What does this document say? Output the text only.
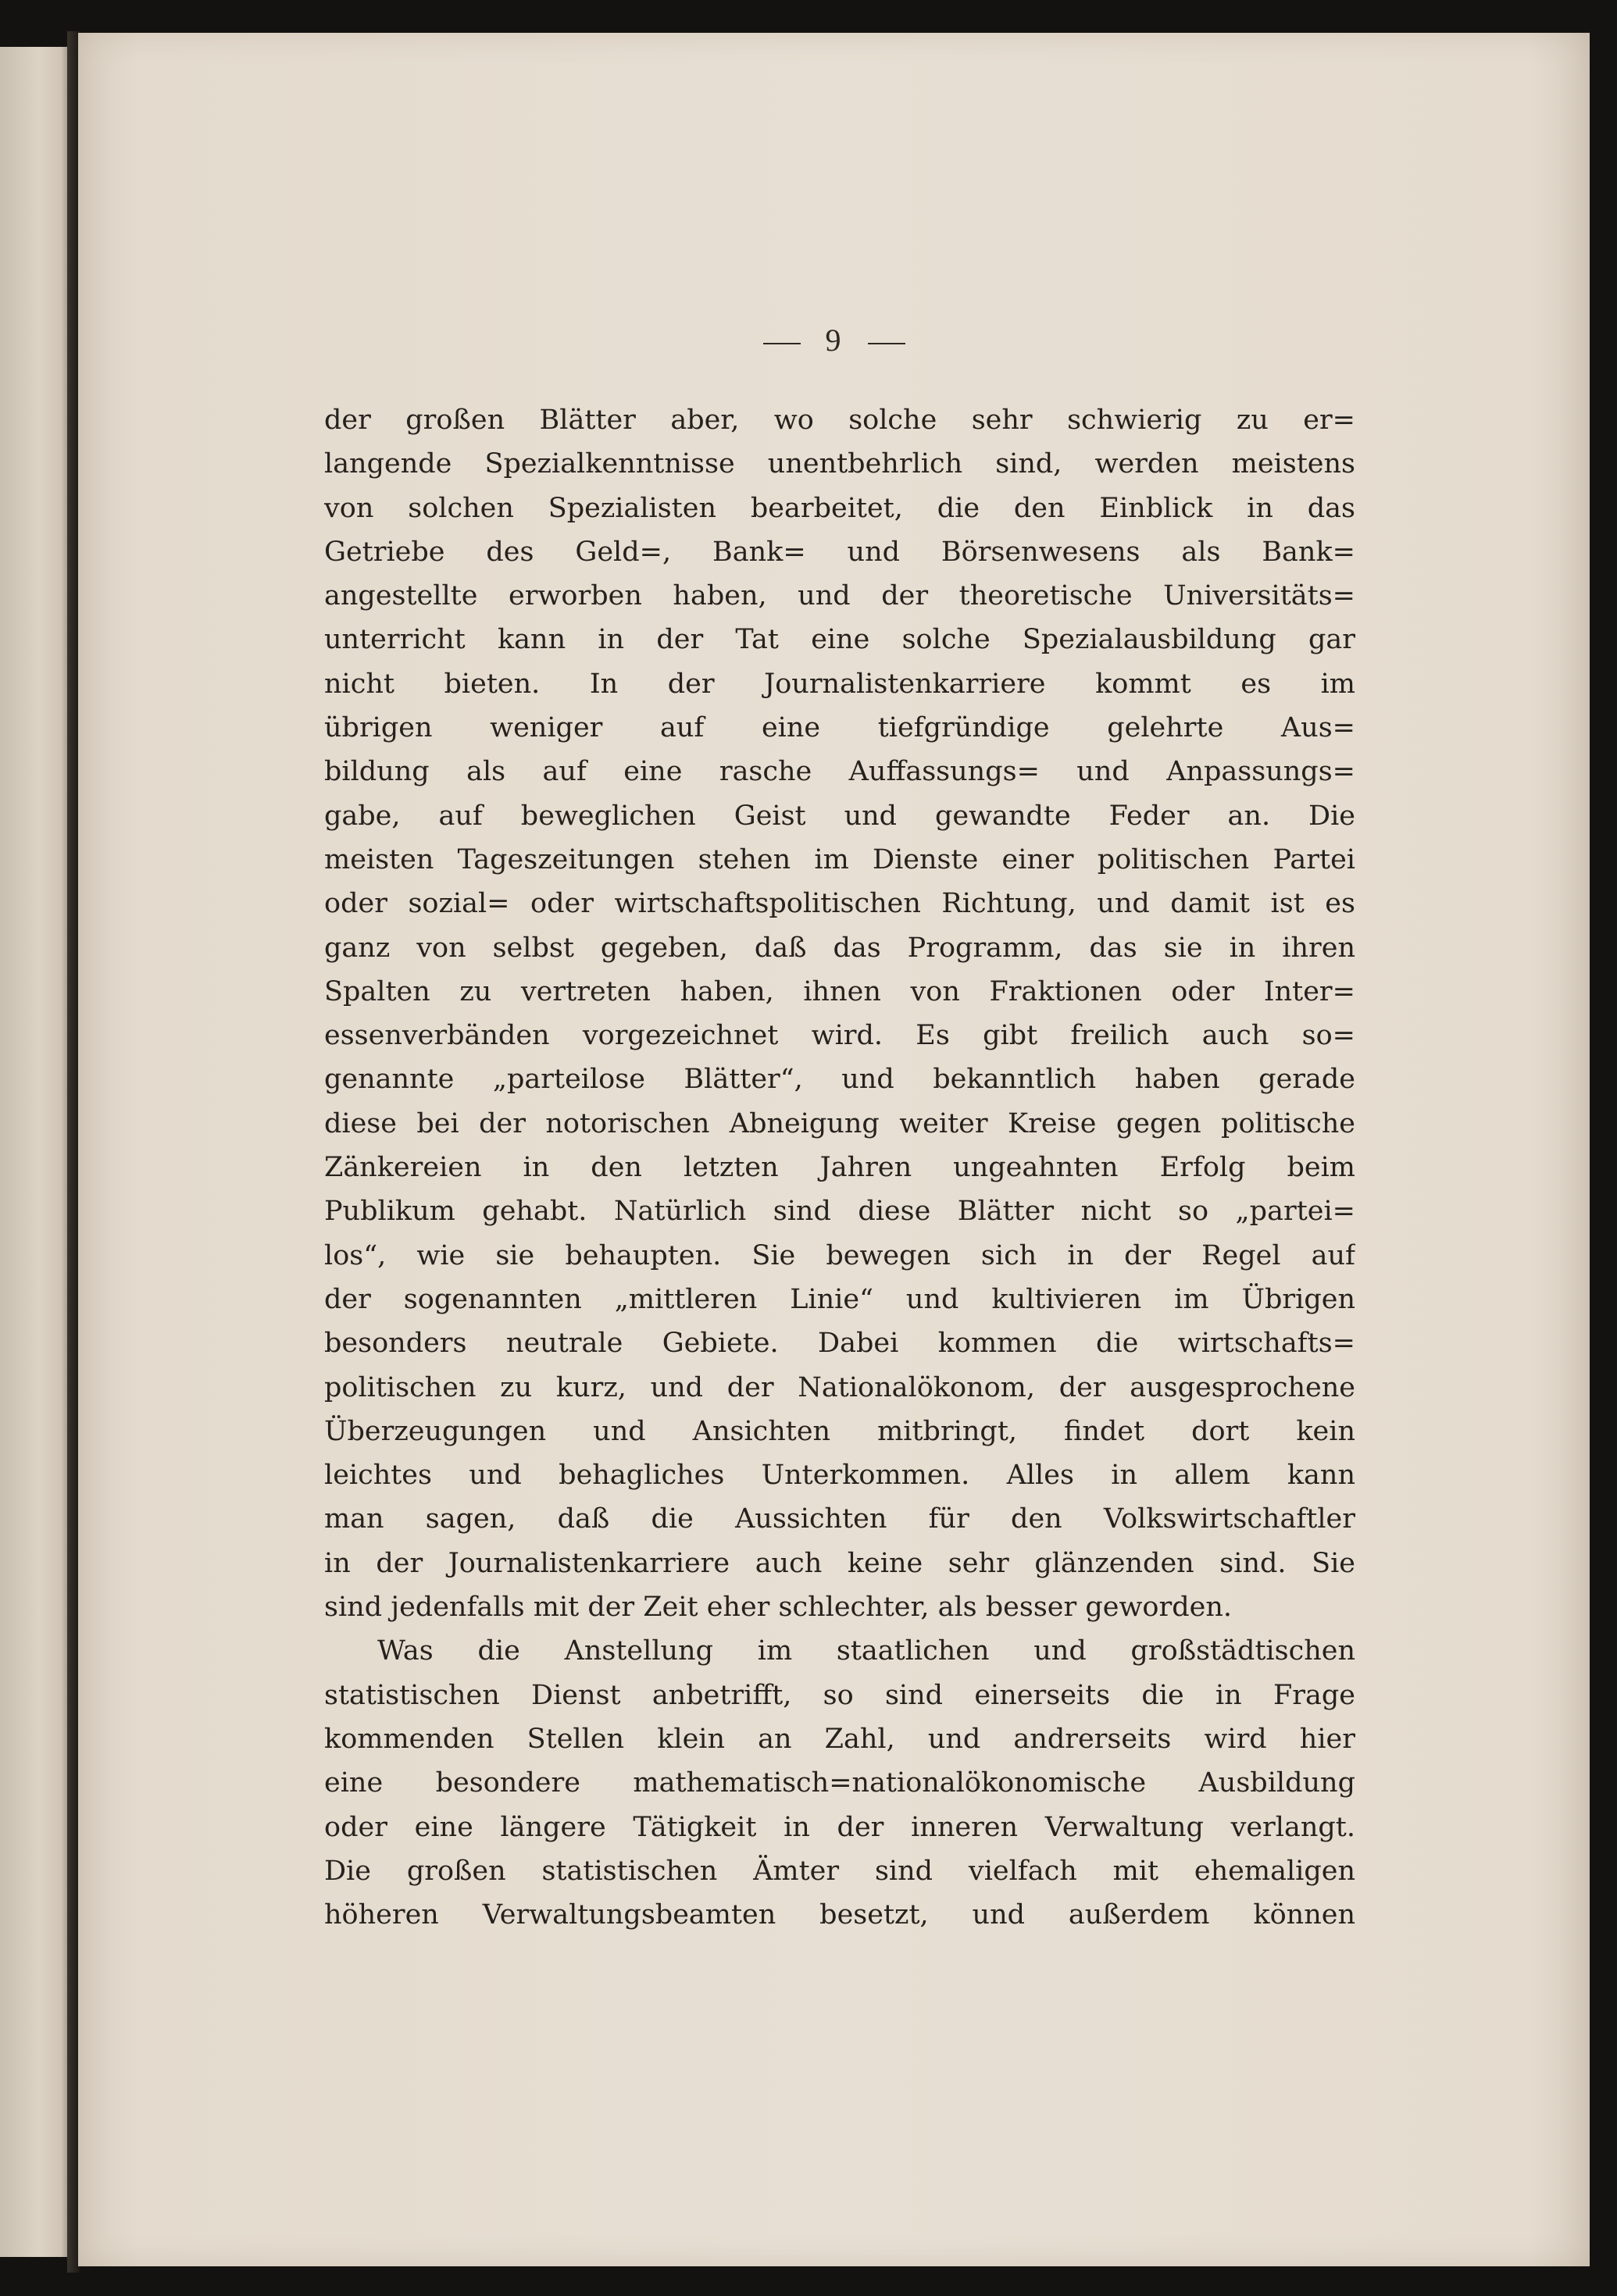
9
der großen Blätter aber, wo solche sehr schwierig zu er=
langende Spezialkenntnisse unentbehrlich sind, werden meistens
von solchen Spezialisten bearbeitet, die den Einblick in das
Getriebe des Geld=, Bank= und Börsenwesens als Bank=
angestellte erworben haben, und der theoretische Universitäts=
unterricht kann in der Tat eine solche Spezialausbildung gar
nicht bieten. In der Journalistenkarriere kommt es im
übrigen weniger auf eine tiefgründige gelehrte Aus=
bildung als auf eine rasche Auffassungs= und Anpassungs=
gabe, auf beweglichen Geist und gewandte Feder an. Die
meisten Tageszeitungen stehen im Dienste einer politischen Partei
oder sozial= oder wirtschaftspolitischen Richtung, und damit ist es
ganz von selbst gegeben, daß das Programm, das sie in ihren
Spalten zu vertreten haben, ihnen von Fraktionen oder Inter=
essenverbänden vorgezeichnet wird. Es gibt freilich auch so=
genannte „parteilose Blätter“, und bekanntlich haben gerade
diese bei der notorischen Abneigung weiter Kreise gegen politische
Zänkereien in den letzten Jahren ungeahnten Erfolg beim
Publikum gehabt. Natürlich sind diese Blätter nicht so „partei=
los“, wie sie behaupten. Sie bewegen sich in der Regel auf
der sogenannten „mittleren Linie“ und kultivieren im Übrigen
besonders neutrale Gebiete. Dabei kommen die wirtschafts=
politischen zu kurz, und der Nationalökonom, der ausgesprochene
Überzeugungen und Ansichten mitbringt, findet dort kein
leichtes und behagliches Unterkommen. Alles in allem kann
man sagen, daß die Aussichten für den Volkswirtschaftler
in der Journalistenkarriere auch keine sehr glänzenden sind. Sie
sind jedenfalls mit der Zeit eher schlechter, als besser geworden.
Was die Anstellung im staatlichen und großstädtischen
statistischen Dienst anbetrifft, so sind einerseits die in Frage
kommenden Stellen klein an Zahl, und andrerseits wird hier
eine besondere mathematisch=nationalökonomische Ausbildung
oder eine längere Tätigkeit in der inneren Verwaltung verlangt.
Die großen statistischen Ämter sind vielfach mit ehemaligen
höheren Verwaltungsbeamten besetzt, und außerdem können
